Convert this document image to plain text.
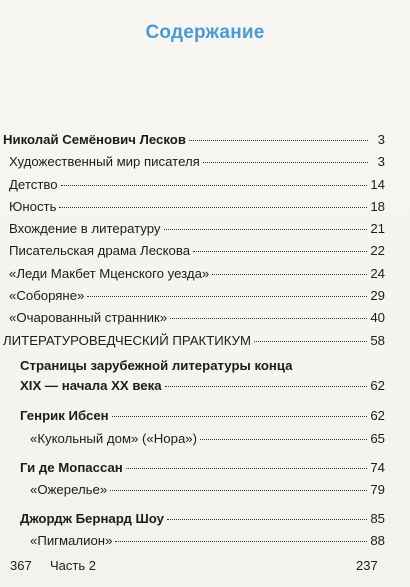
Содержание
Николай Семёнович Лесков	3
Художественный мир писателя	3
Детство	14
Юность	18
Вхождение в литературу	21
Писательская драма Лескова	22
«Леди Макбет Мценского уезда»	24
«Соборяне»	29
«Очарованный странник»	40
ЛИТЕРАТУРОВЕДЧЕСКИЙ ПРАКТИКУМ	58
Страницы зарубежной литературы конца
XIX — начала XX века	62
Генрик Ибсен	62
«Кукольный дом» («Нора»)	65
Ги де Мопассан	74
«Ожерелье»	79
Джордж Бернард Шоу	85
«Пигмалион»	88
367 Часть 2	237
